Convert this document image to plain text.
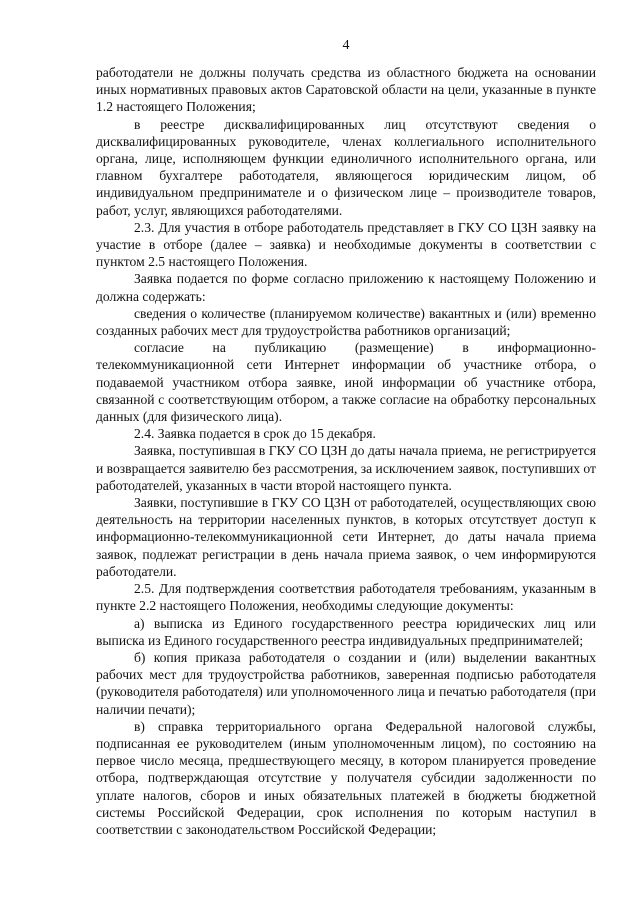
4

работодатели не должны получать средства из областного бюджета на основании иных нормативных правовых актов Саратовской области на цели, указанные в пункте 1.2 настоящего Положения;

в реестре дисквалифицированных лиц отсутствуют сведения о дисквалифицированных руководителе, членах коллегиального исполнительного органа, лице, исполняющем функции единоличного исполнительного органа, или главном бухгалтере работодателя, являющегося юридическим лицом, об индивидуальном предпринимателе и о физическом лице – производителе товаров, работ, услуг, являющихся работодателями.

2.3. Для участия в отборе работодатель представляет в ГКУ СО ЦЗН заявку на участие в отборе (далее – заявка) и необходимые документы в соответствии с пунктом 2.5 настоящего Положения.

Заявка подается по форме согласно приложению к настоящему Положению и должна содержать:

сведения о количестве (планируемом количестве) вакантных и (или) временно созданных рабочих мест для трудоустройства работников организаций;

согласие на публикацию (размещение) в информационно-телекоммуникационной сети Интернет информации об участнике отбора, о подаваемой участником отбора заявке, иной информации об участнике отбора, связанной с соответствующим отбором, а также согласие на обработку персональных данных (для физического лица).

2.4. Заявка подается в срок до 15 декабря.

Заявка, поступившая в ГКУ СО ЦЗН до даты начала приема, не регистрируется и возвращается заявителю без рассмотрения, за исключением заявок, поступивших от работодателей, указанных в части второй настоящего пункта.

Заявки, поступившие в ГКУ СО ЦЗН от работодателей, осуществляющих свою деятельность на территории населенных пунктов, в которых отсутствует доступ к информационно-телекоммуникационной сети Интернет, до даты начала приема заявок, подлежат регистрации в день начала приема заявок, о чем информируются работодатели.

2.5. Для подтверждения соответствия работодателя требованиям, указанным в пункте 2.2 настоящего Положения, необходимы следующие документы:

а) выписка из Единого государственного реестра юридических лиц или выписка из Единого государственного реестра индивидуальных предпринимателей;

б) копия приказа работодателя о создании и (или) выделении вакантных рабочих мест для трудоустройства работников, заверенная подписью работодателя (руководителя работодателя) или уполномоченного лица и печатью работодателя (при наличии печати);

в) справка территориального органа Федеральной налоговой службы, подписанная ее руководителем (иным уполномоченным лицом), по состоянию на первое число месяца, предшествующего месяцу, в котором планируется проведение отбора, подтверждающая отсутствие у получателя субсидии задолженности по уплате налогов, сборов и иных обязательных платежей в бюджеты бюджетной системы Российской Федерации, срок исполнения по которым наступил в соответствии с законодательством Российской Федерации;
